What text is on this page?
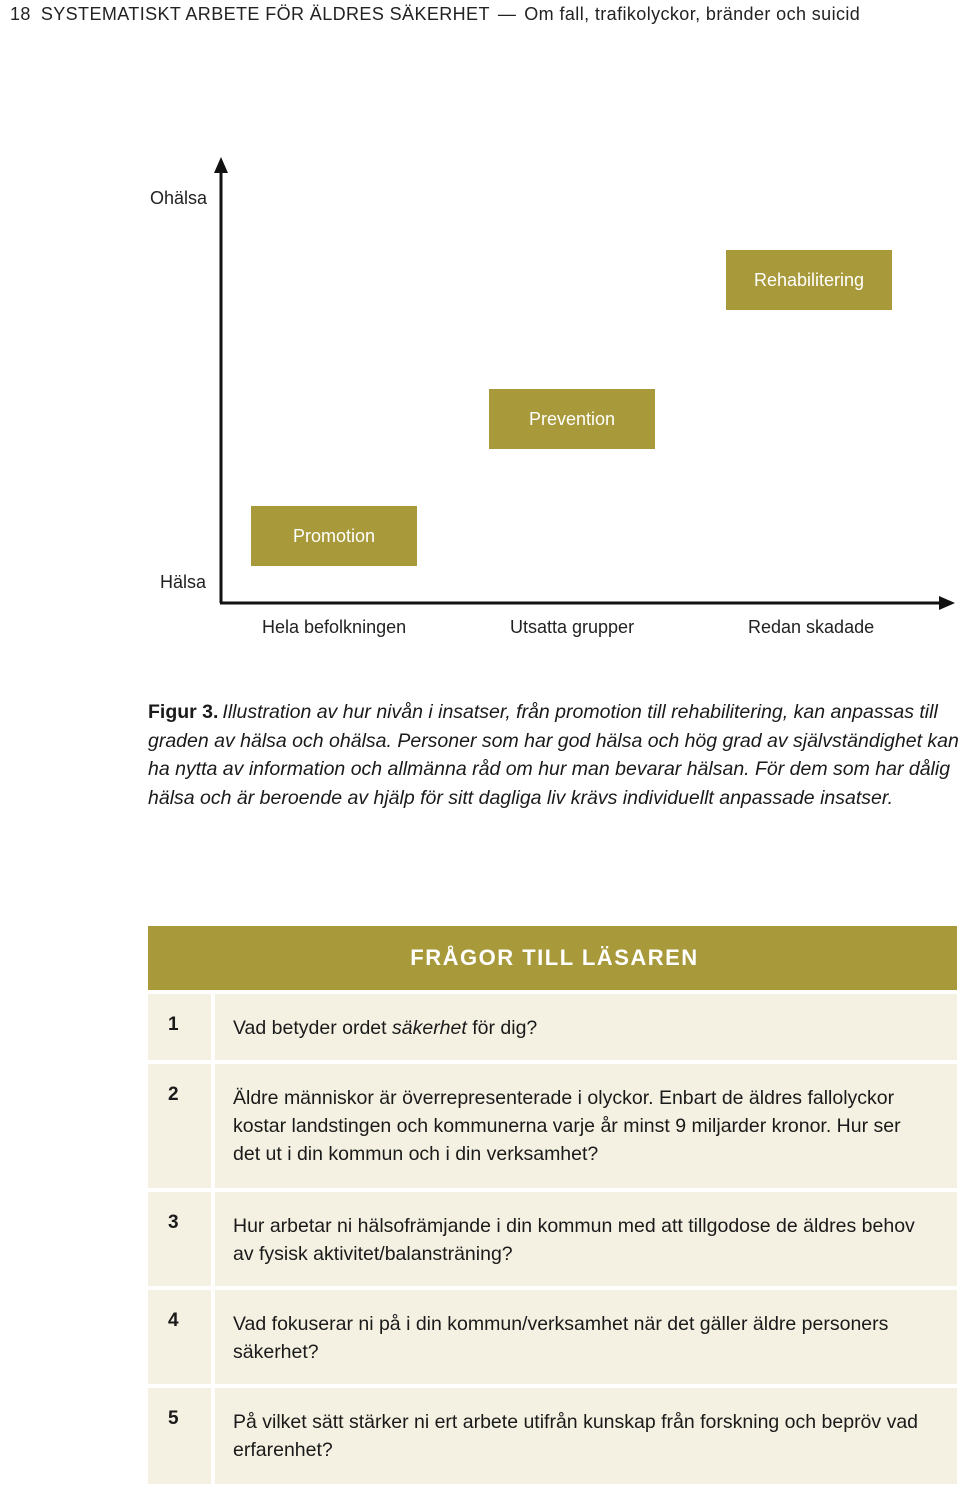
18 SYSTEMATISKT ARBETE FÖR ÄLDRES SÄKERHET — Om fall, trafikolyckor, bränder och suicid
Ohälsa
Hälsa
Hela befolkningen	Utsatta grupper	Redan skadade
Promotion
Prevention
Rehabilitering
Figur 3. Illustration av hur nivån i insatser, från promotion till rehabilitering, kan anpassas till graden av hälsa och ohälsa. Personer som har god hälsa och hög grad av självständighet kan ha nytta av information och allmänna råd om hur man bevarar hälsan. För dem som har dålig hälsa och är beroende av hjälp för sitt dagliga liv krävs individuellt anpassade insatser.
FRÅGOR TILL LÄSAREN
1	Vad betyder ordet säkerhet för dig?
2	Äldre människor är överrepresenterade i olyckor. Enbart de äldres fallolyckor kostar landstingen och kommunerna varje år minst 9 miljarder kronor. Hur ser det ut i din kommun och i din verksamhet?
3	Hur arbetar ni hälsofrämjande i din kommun med att tillgodose de äldres behov av fysisk aktivitet/balansträning?
4	Vad fokuserar ni på i din kommun/verksamhet när det gäller äldre personers säkerhet?
5	På vilket sätt stärker ni ert arbete utifrån kunskap från forskning och bepröv vad erfarenhet?
